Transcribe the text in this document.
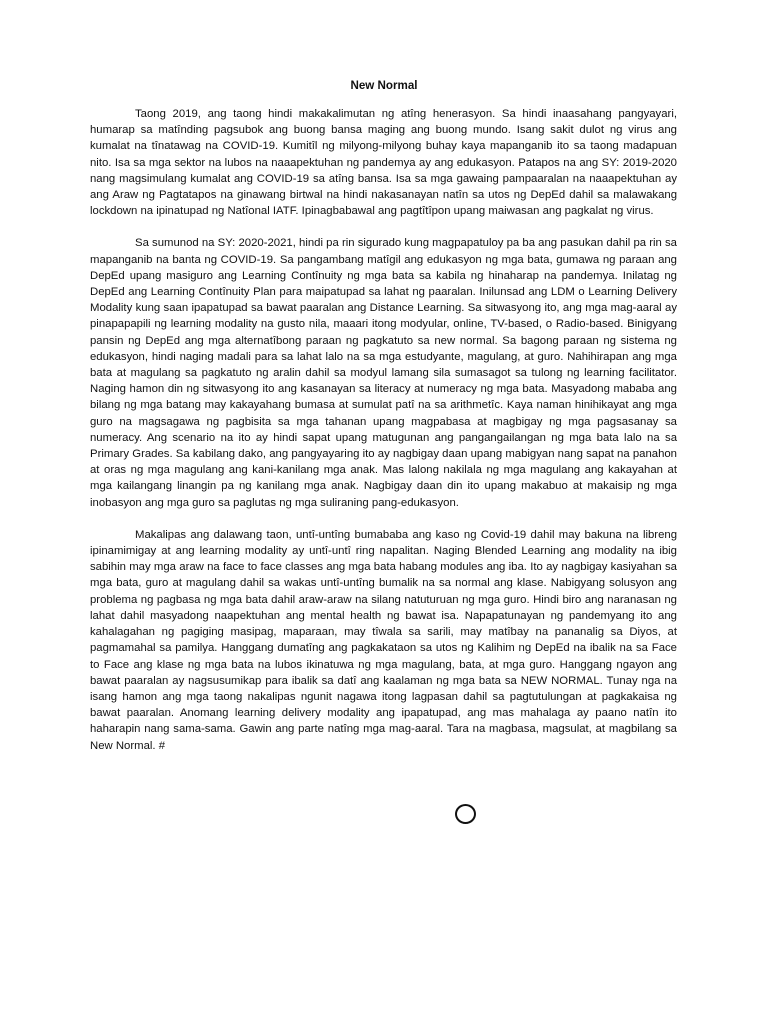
New Normal

Taong 2019, ang taong hindi makakalimutan ng atîng henerasyon. Sa hindi inaasahang pangyayari, humarap sa matînding pagsubok ang buong bansa maging ang buong mundo. Isang sakit dulot ng virus ang kumalat na tînatawag na COVID-19. Kumitîl ng milyong-milyong buhay kaya mapanganib ito sa taong madapuan nito. Isa sa mga sektor na lubos na naaapektuhan ng pandemya ay ang edukasyon. Patapos na ang SY: 2019-2020 nang magsimulang kumalat ang COVID-19 sa atîng bansa. Isa sa mga gawaing pampaaralan na naaapektuhan ay ang Araw ng Pagtatapos na ginawang birtwal na hindi nakasanayan natîn sa utos ng DepEd dahil sa malawakang lockdown na ipinatupad ng Natîonal IATF. Ipinagbabawal ang pagtîtîpon upang maiwasan ang pagkalat ng virus.

Sa sumunod na SY: 2020-2021, hindi pa rin sigurado kung magpapatuloy pa ba ang pasukan dahil pa rin sa mapanganib na banta ng COVID-19. Sa pangambang matîgil ang edukasyon ng mga bata, gumawa ng paraan ang DepEd upang masiguro ang Learning Contînuity ng mga bata sa kabila ng hinaharap na pandemya. Inilatag ng DepEd ang Learning Contînuity Plan para maipatupad sa lahat ng paaralan. Inilunsad ang LDM o Learning Delivery Modality kung saan ipapatupad sa bawat paaralan ang Distance Learning. Sa sitwasyong ito, ang mga mag-aaral ay pinapapapili ng learning modality na gusto nila, maaari itong modyular, online, TV-based, o Radio-based. Binigyang pansin ng DepEd ang mga alternatîbong paraan ng pagkatuto sa new normal. Sa bagong paraan ng sistema ng edukasyon, hindi naging madali para sa lahat lalo na sa mga estudyante, magulang, at guro. Nahihirapan ang mga bata at magulang sa pagkatuto ng aralin dahil sa modyul lamang sila sumasagot sa tulong ng learning facilitator. Naging hamon din ng sitwasyong ito ang kasanayan sa literacy at numeracy ng mga bata. Masyadong mababa ang bilang ng mga batang may kakayahang bumasa at sumulat patî na sa arithmetîc. Kaya naman hinihikayat ang mga guro na magsagawa ng pagbisita sa mga tahanan upang magpabasa at magbigay ng mga pagsasanay sa numeracy. Ang scenario na ito ay hindi sapat upang matugunan ang pangangailangan ng mga bata lalo na sa Primary Grades. Sa kabilang dako, ang pangyayaring ito ay nagbigay daan upang mabigyan nang sapat na panahon at oras ng mga magulang ang kani-kanilang mga anak. Mas lalong nakilala ng mga magulang ang kakayahan at mga kailangang linangin pa ng kanilang mga anak. Nagbigay daan din ito upang makabuo at makaisip ng mga inobasyon ang mga guro sa paglutas ng mga suliraning pang-edukasyon.

Makalipas ang dalawang taon, untî-untîng bumababa ang kaso ng Covid-19 dahil may bakuna na libreng ipinamimigay at ang learning modality ay untî-untî ring napalitan. Naging Blended Learning ang modality na ibig sabihin may mga araw na face to face classes ang mga bata habang modules ang iba. Ito ay nagbigay kasiyahan sa mga bata, guro at magulang dahil sa wakas untî-untîng bumalik na sa normal ang klase. Nabigyang solusyon ang problema ng pagbasa ng mga bata dahil araw-araw na silang natuturuan ng mga guro. Hindi biro ang naranasan ng lahat dahil masyadong naapektuhan ang mental health ng bawat isa. Napapatunayan ng pandemyang ito ang kahalagahan ng pagiging masipag, maparaan, may tîwala sa sarili, may matîbay na pananalig sa Diyos, at pagmamahal sa pamilya. Hanggang dumatîng ang pagkakataon sa utos ng Kalihim ng DepEd na ibalik na sa Face to Face ang klase ng mga bata na lubos ikinatuwa ng mga magulang, bata, at mga guro. Hanggang ngayon ang bawat paaralan ay nagsusumikap para ibalik sa datî ang kaalaman ng mga bata sa NEW NORMAL. Tunay nga na isang hamon ang mga taong nakalipas ngunit nagawa itong lagpasan dahil sa pagtutulungan at pagkakaisa ng bawat paaralan. Anomang learning delivery modality ang ipapatupad, ang mas mahalaga ay paano natîn ito haharapin nang sama-sama. Gawin ang parte natîng mga mag-aaral. Tara na magbasa, magsulat, at magbilang sa New Normal. #
